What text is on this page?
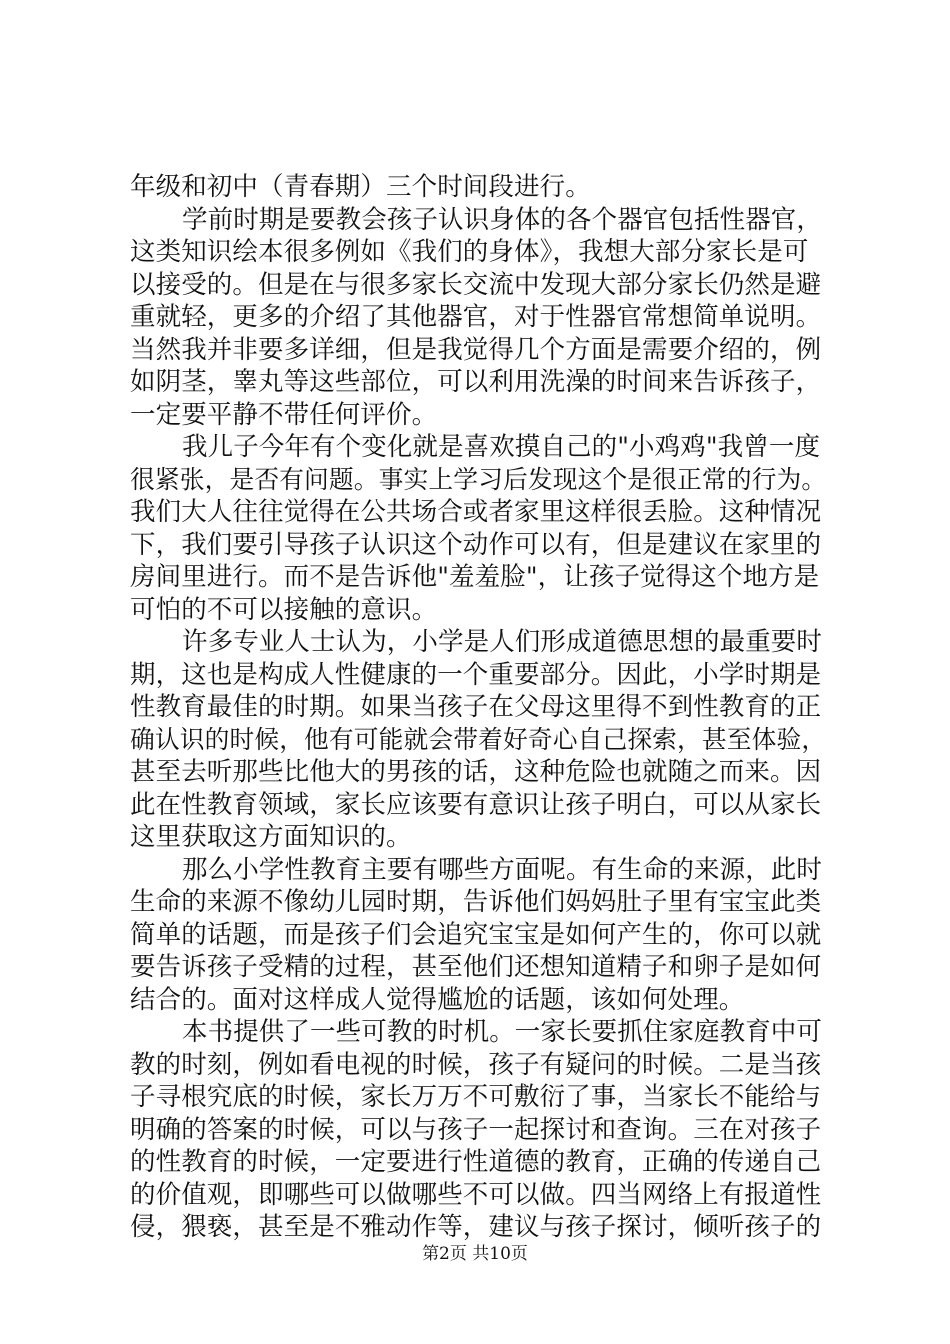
年级和初中（青春期）三个时间段进行。
学前时期是要教会孩子认识身体的各个器官包括性器官，
这类知识绘本很多例如《我们的身体》，我想大部分家长是可
以接受的。但是在与很多家长交流中发现大部分家长仍然是避
重就轻，更多的介绍了其他器官，对于性器官常想简单说明。
当然我并非要多详细，但是我觉得几个方面是需要介绍的，例
如阴茎，睾丸等这些部位，可以利用洗澡的时间来告诉孩子，
一定要平静不带任何评价。
我儿子今年有个变化就是喜欢摸自己的"小鸡鸡"我曾一度
很紧张，是否有问题。事实上学习后发现这个是很正常的行为。
我们大人往往觉得在公共场合或者家里这样很丢脸。这种情况
下，我们要引导孩子认识这个动作可以有，但是建议在家里的
房间里进行。而不是告诉他"羞羞脸"，让孩子觉得这个地方是
可怕的不可以接触的意识。
许多专业人士认为，小学是人们形成道德思想的最重要时
期，这也是构成人性健康的一个重要部分。因此，小学时期是
性教育最佳的时期。如果当孩子在父母这里得不到性教育的正
确认识的时候，他有可能就会带着好奇心自己探索，甚至体验，
甚至去听那些比他大的男孩的话，这种危险也就随之而来。因
此在性教育领域，家长应该要有意识让孩子明白，可以从家长
这里获取这方面知识的。
那么小学性教育主要有哪些方面呢。有生命的来源，此时
生命的来源不像幼儿园时期，告诉他们妈妈肚子里有宝宝此类
简单的话题，而是孩子们会追究宝宝是如何产生的，你可以就
要告诉孩子受精的过程，甚至他们还想知道精子和卵子是如何
结合的。面对这样成人觉得尴尬的话题，该如何处理。
本书提供了一些可教的时机。一家长要抓住家庭教育中可
教的时刻，例如看电视的时候，孩子有疑问的时候。二是当孩
子寻根究底的时候，家长万万不可敷衍了事，当家长不能给与
明确的答案的时候，可以与孩子一起探讨和查询。三在对孩子
的性教育的时候，一定要进行性道德的教育，正确的传递自己
的价值观，即哪些可以做哪些不可以做。四当网络上有报道性
侵，猥亵，甚至是不雅动作等，建议与孩子探讨，倾听孩子的
第2页 共10页
